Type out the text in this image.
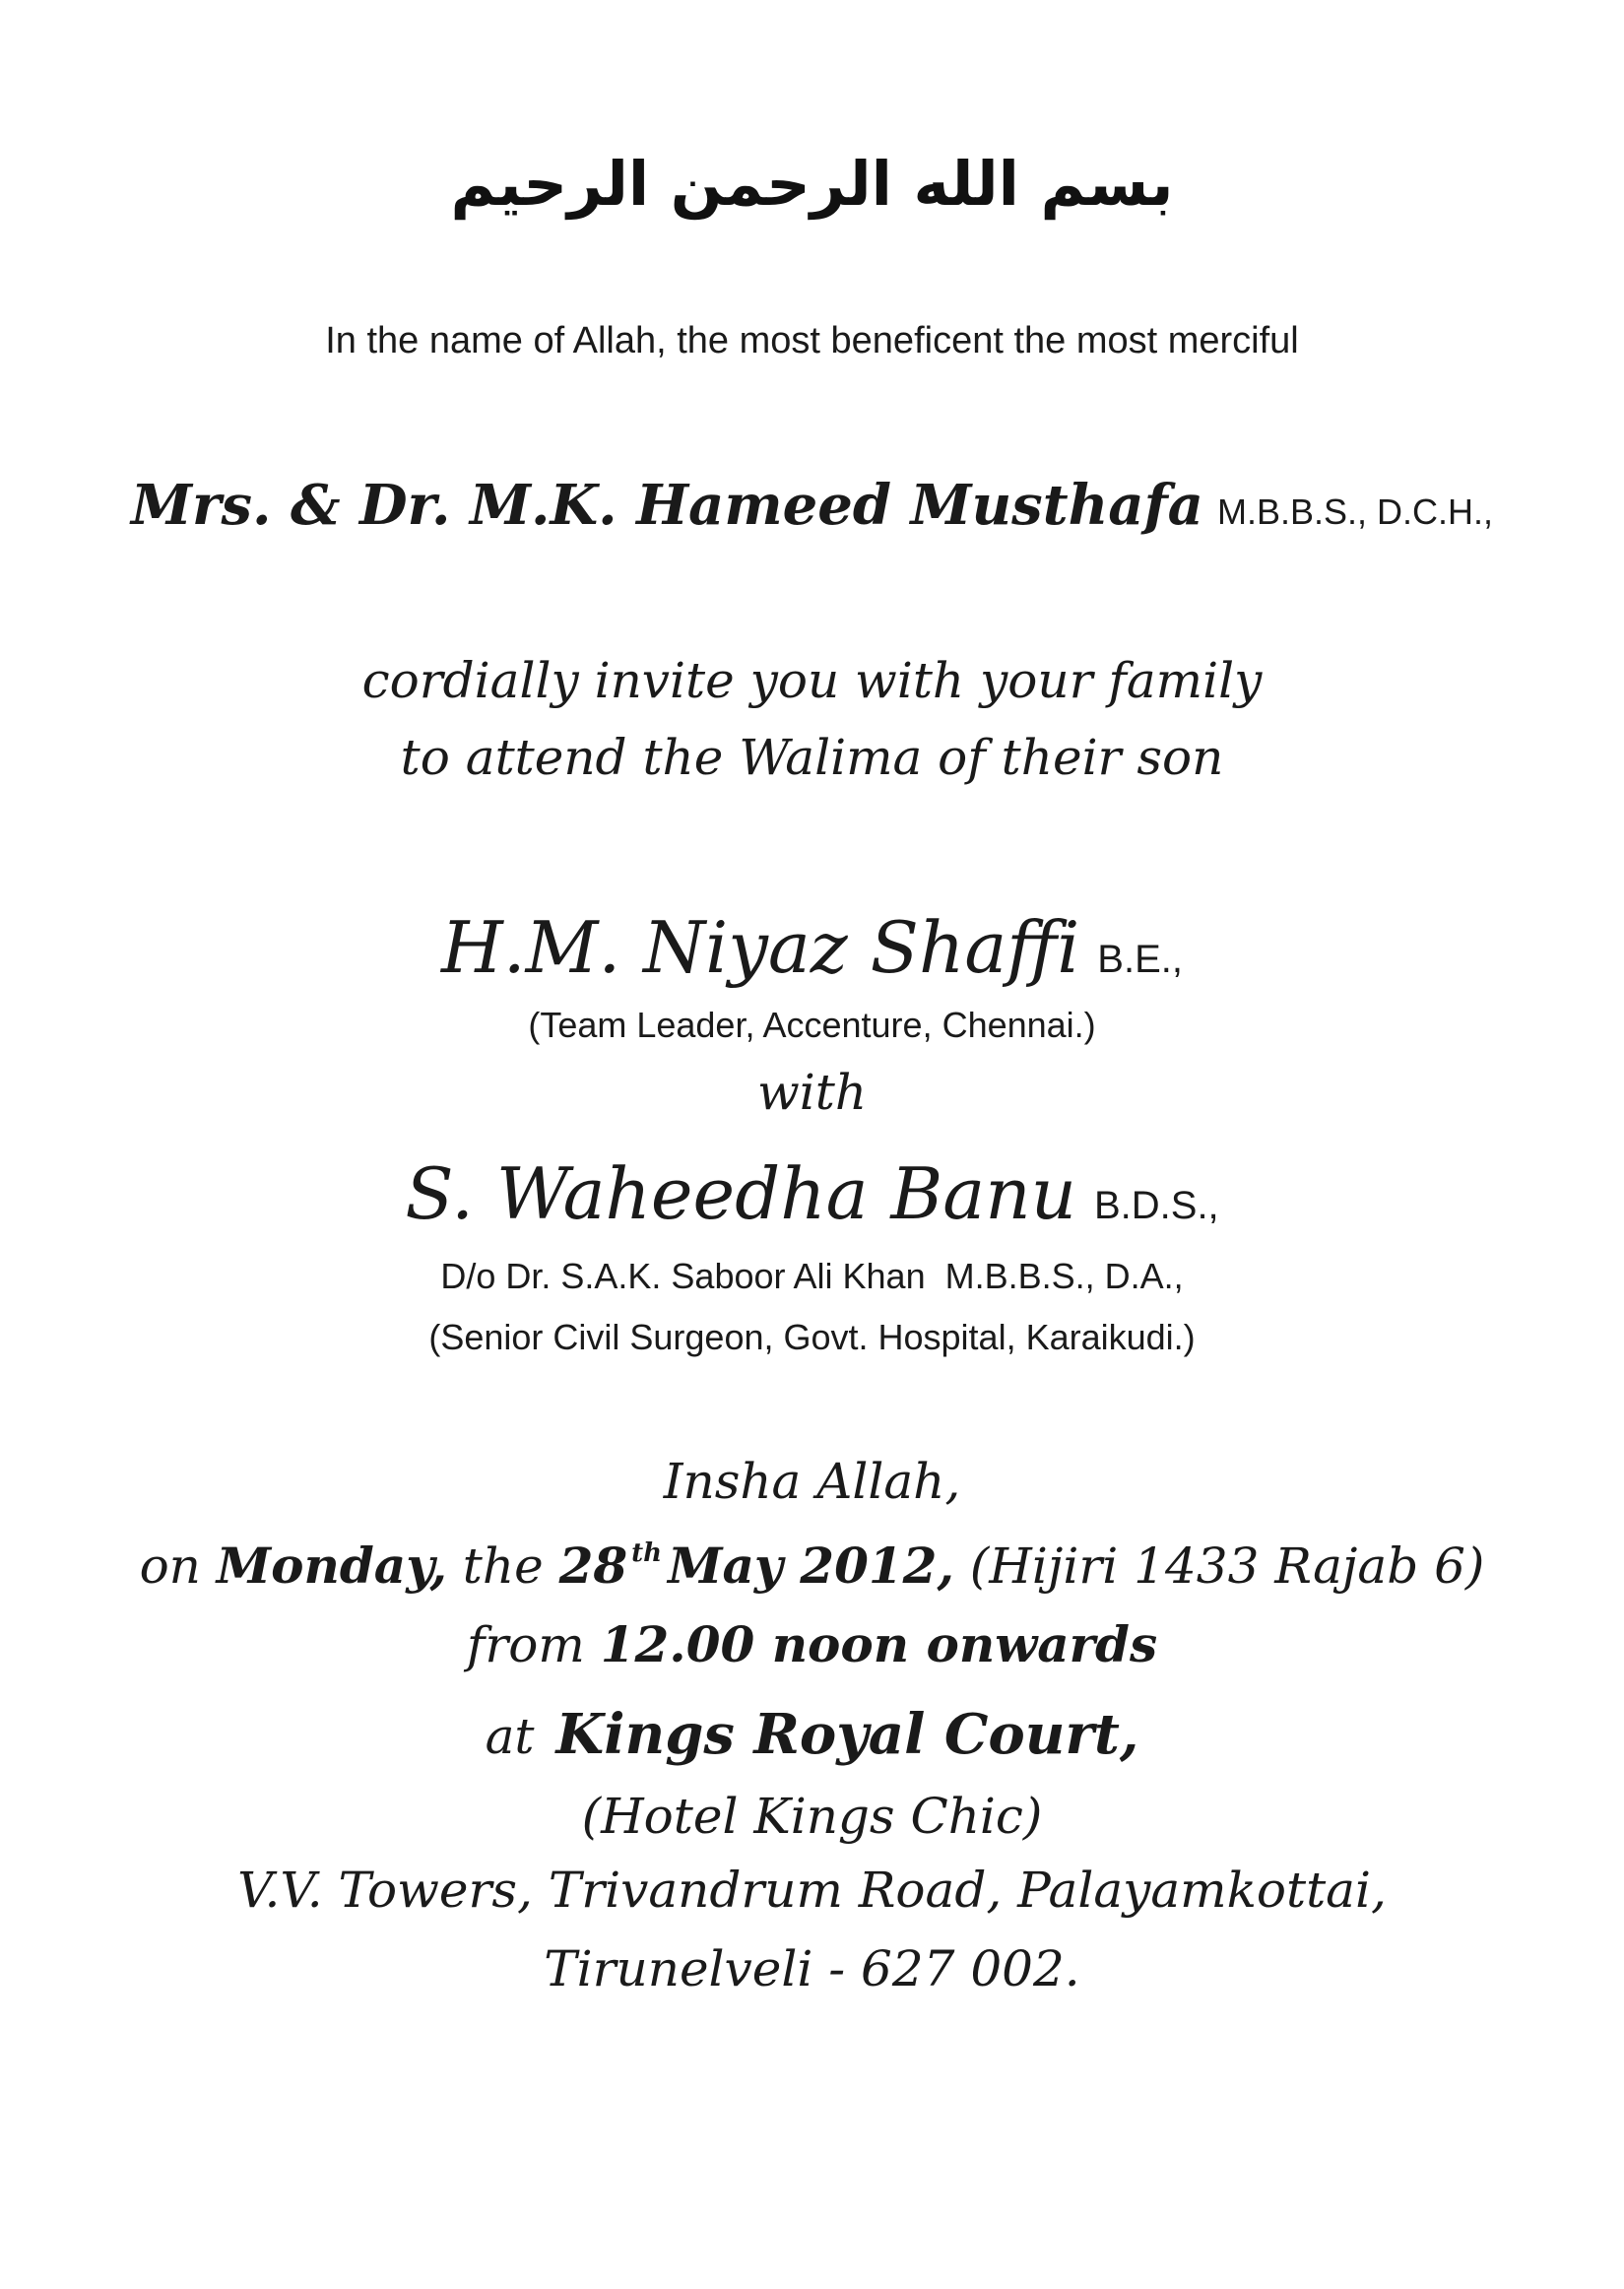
بسم الله الرحمن الرحيم
In the name of Allah, the most beneficent the most merciful
Mrs. & Dr. M.K. Hameed Musthafa M.B.B.S., D.C.H.,
cordially invite you with your family
to attend the Walima of their son
H.M. Niyaz Shaffi B.E.,
(Team Leader, Accenture, Chennai.)
with
S. Waheedha Banu B.D.S.,
D/o Dr. S.A.K. Saboor Ali Khan  M.B.B.S., D.A.,
(Senior Civil Surgeon, Govt. Hospital, Karaikudi.)
Insha Allah,
on Monday, the 28 $^{th}$ May 2012, (Hijiri 1433 Rajab 6)
from 12.00 noon onwards
at Kings Royal Court,
(Hotel Kings Chic)
V.V. Towers, Trivandrum Road, Palayamkottai,
Tirunelveli - 627 002.
